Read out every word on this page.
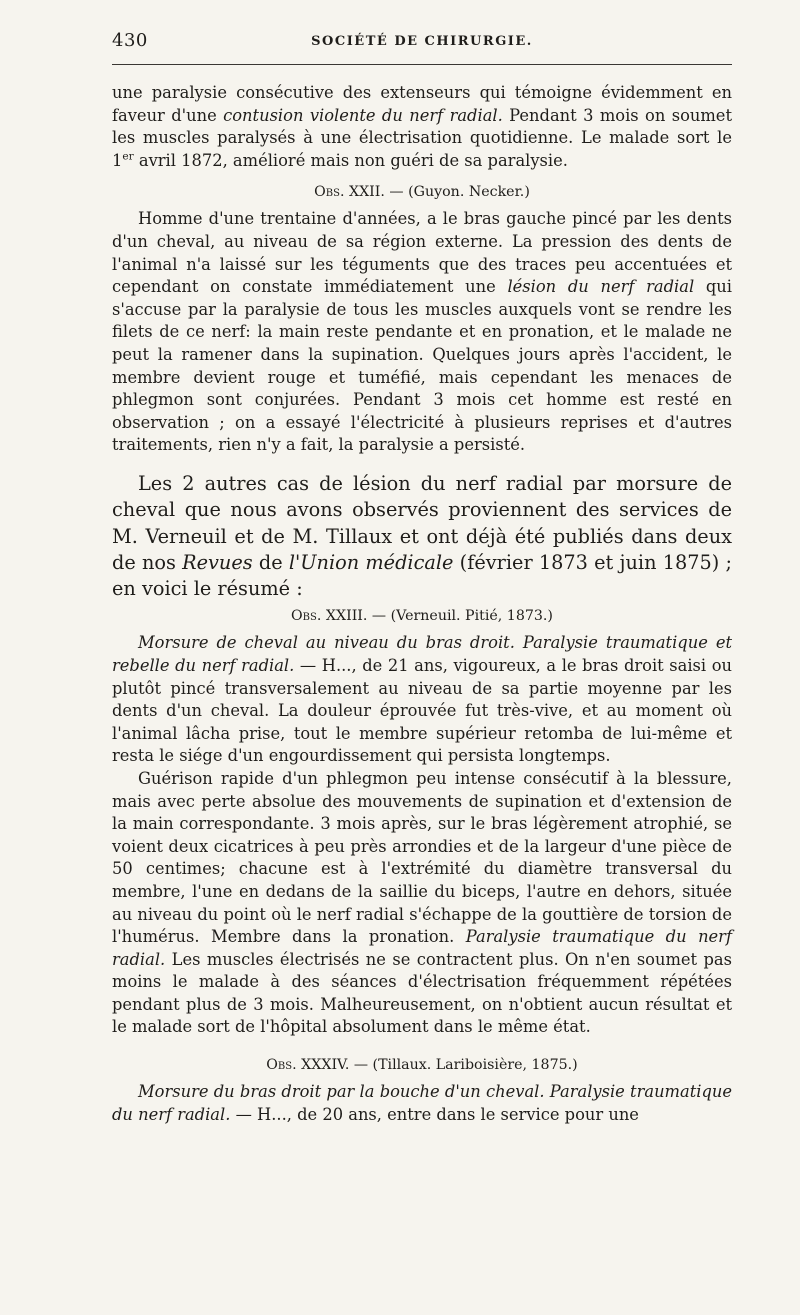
430	SOCIÉTÉ DE CHIRURGIE.

une paralysie consécutive des extenseurs qui témoigne évidemment en faveur d'une contusion violente du nerf radial. Pendant 3 mois on soumet les muscles paralysés à une électrisation quotidienne. Le malade sort le 1er avril 1872, amélioré mais non guéri de sa paralysie.

Obs. XXII. — (Guyon. Necker.)

Homme d'une trentaine d'années, a le bras gauche pincé par les dents d'un cheval, au niveau de sa région externe. La pression des dents de l'animal n'a laissé sur les téguments que des traces peu accentuées et cependant on constate immédiatement une lésion du nerf radial qui s'accuse par la paralysie de tous les muscles auxquels vont se rendre les filets de ce nerf: la main reste pendante et en pronation, et le malade ne peut la ramener dans la supination. Quelques jours après l'accident, le membre devient rouge et tuméfié, mais cependant les menaces de phlegmon sont conjurées. Pendant 3 mois cet homme est resté en observation ; on a essayé l'électricité à plusieurs reprises et d'autres traitements, rien n'y a fait, la paralysie a persisté.

Les 2 autres cas de lésion du nerf radial par morsure de cheval que nous avons observés proviennent des services de M. Verneuil et de M. Tillaux et ont déjà été publiés dans deux de nos Revues de l'Union médicale (février 1873 et juin 1875) ; en voici le résumé :

Obs. XXIII. — (Verneuil. Pitié, 1873.)

Morsure de cheval au niveau du bras droit. Paralysie traumatique et rebelle du nerf radial. — H..., de 21 ans, vigoureux, a le bras droit saisi ou plutôt pincé transversalement au niveau de sa partie moyenne par les dents d'un cheval. La douleur éprouvée fut très-vive, et au moment où l'animal lâcha prise, tout le membre supérieur retomba de lui-même et resta le siége d'un engourdissement qui persista longtemps.

Guérison rapide d'un phlegmon peu intense consécutif à la blessure, mais avec perte absolue des mouvements de supination et d'extension de la main correspondante. 3 mois après, sur le bras légèrement atrophié, se voient deux cicatrices à peu près arrondies et de la largeur d'une pièce de 50 centimes; chacune est à l'extrémité du diamètre transversal du membre, l'une en dedans de la saillie du biceps, l'autre en dehors, située au niveau du point où le nerf radial s'échappe de la gouttière de torsion de l'humérus. Membre dans la pronation. Paralysie traumatique du nerf radial. Les muscles électrisés ne se contractent plus. On n'en soumet pas moins le malade à des séances d'électrisation fréquemment répétées pendant plus de 3 mois. Malheureusement, on n'obtient aucun résultat et le malade sort de l'hôpital absolument dans le même état.

Obs. XXXIV. — (Tillaux. Lariboisière, 1875.)

Morsure du bras droit par la bouche d'un cheval. Paralysie traumatique du nerf radial. — H..., de 20 ans, entre dans le service pour une
